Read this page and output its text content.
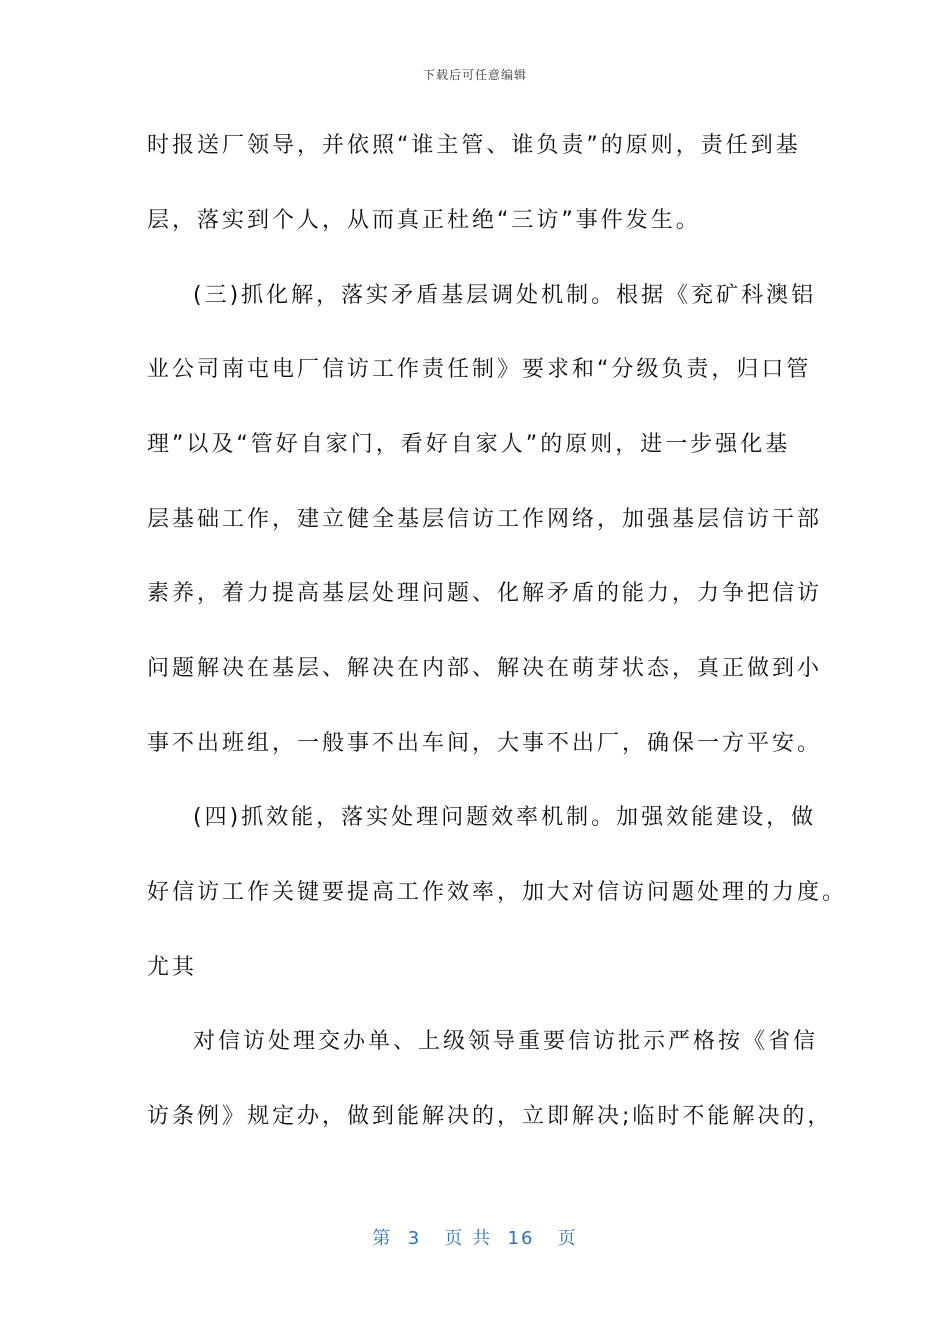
下载后可任意编辑
时报送厂领导，并依照“谁主管、谁负责”的原则，责任到基
层，落实到个人，从而真正杜绝“三访”事件发生。
(三)抓化解，落实矛盾基层调处机制。根据《兖矿科澳铝
业公司南屯电厂信访工作责任制》要求和“分级负责，归口管
理”以及“管好自家门，看好自家人”的原则，进一步强化基
层基础工作，建立健全基层信访工作网络，加强基层信访干部
素养，着力提高基层处理问题、化解矛盾的能力，力争把信访
问题解决在基层、解决在内部、解决在萌芽状态，真正做到小
事不出班组，一般事不出车间，大事不出厂，确保一方平安。
(四)抓效能，落实处理问题效率机制。加强效能建设，做
好信访工作关键要提高工作效率，加大对信访问题处理的力度。
尤其
对信访处理交办单、上级领导重要信访批示严格按《省信
访条例》规定办，做到能解决的，立即解决;临时不能解决的，
第  3   页 共  16   页
